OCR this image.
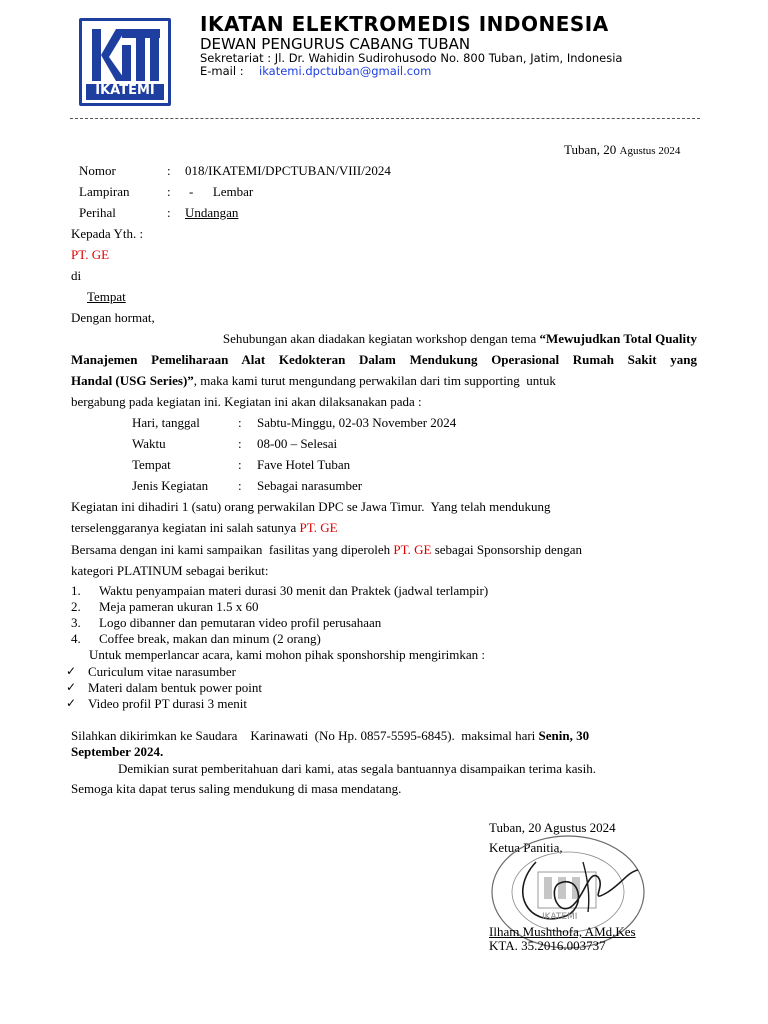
IKATEMI
IKATAN ELEKTROMEDIS INDONESIA
DEWAN PENGURUS CABANG TUBAN
Sekretariat : Jl. Dr. Wahidin Sudirohusodo No. 800 Tuban, Jatim, Indonesia
E-mail : ikatemi.dpctuban@gmail.com
Tuban, 20 Agustus 2024
Nomor	: 018/IKATEMI/DPCTUBAN/VIII/2024
Lampiran	: -      Lembar
Perihal	: Undangan
Kepada Yth. :
PT. GE
di
Tempat
Dengan hormat,
Sehubungan akan diadakan kegiatan workshop dengan tema “Mewujudkan Total Quality
Manajemen Pemeliharaan Alat Kedokteran Dalam Mendukung Operasional Rumah Sakit yang
Handal (USG Series)”, maka kami turut mengundang perwakilan dari tim supporting  untuk
bergabung pada kegiatan ini. Kegiatan ini akan dilaksanakan pada :
Hari, tanggal	: Sabtu-Minggu, 02-03 November 2024
Waktu	: 08-00 – Selesai
Tempat	: Fave Hotel Tuban
Jenis Kegiatan : Sebagai narasumber
Kegiatan ini dihadiri 1 (satu) orang perwakilan DPC se Jawa Timur.  Yang telah mendukung
terselenggaranya kegiatan ini salah satunya PT. GE
Bersama dengan ini kami sampaikan  fasilitas yang diperoleh PT. GE sebagai Sponsorship dengan
kategori PLATINUM sebagai berikut:
1. Waktu penyampaian materi durasi 30 menit dan Praktek (jadwal terlampir)
2. Meja pameran ukuran 1.5 x 60
3. Logo dibanner dan pemutaran video profil perusahaan
4. Coffee break, makan dan minum (2 orang)
Untuk memperlancar acara, kami mohon pihak sponshorship mengirimkan :
✓ Curiculum vitae narasumber
✓ Materi dalam bentuk power point
✓ Video profil PT durasi 3 menit
Silahkan dikirimkan ke Saudara    Karinawati  (No Hp. 0857-5595-6845).  maksimal hari Senin, 30
September 2024.
Demikian surat pemberitahuan dari kami, atas segala bantuannya disampaikan terima kasih.
Semoga kita dapat terus saling mendukung di masa mendatang.
Tuban, 20 Agustus 2024
Ketua Panitia,
IKATEMI
Ilham Mushthofa, AMd.Kes
KTA. 35.2016.003737
